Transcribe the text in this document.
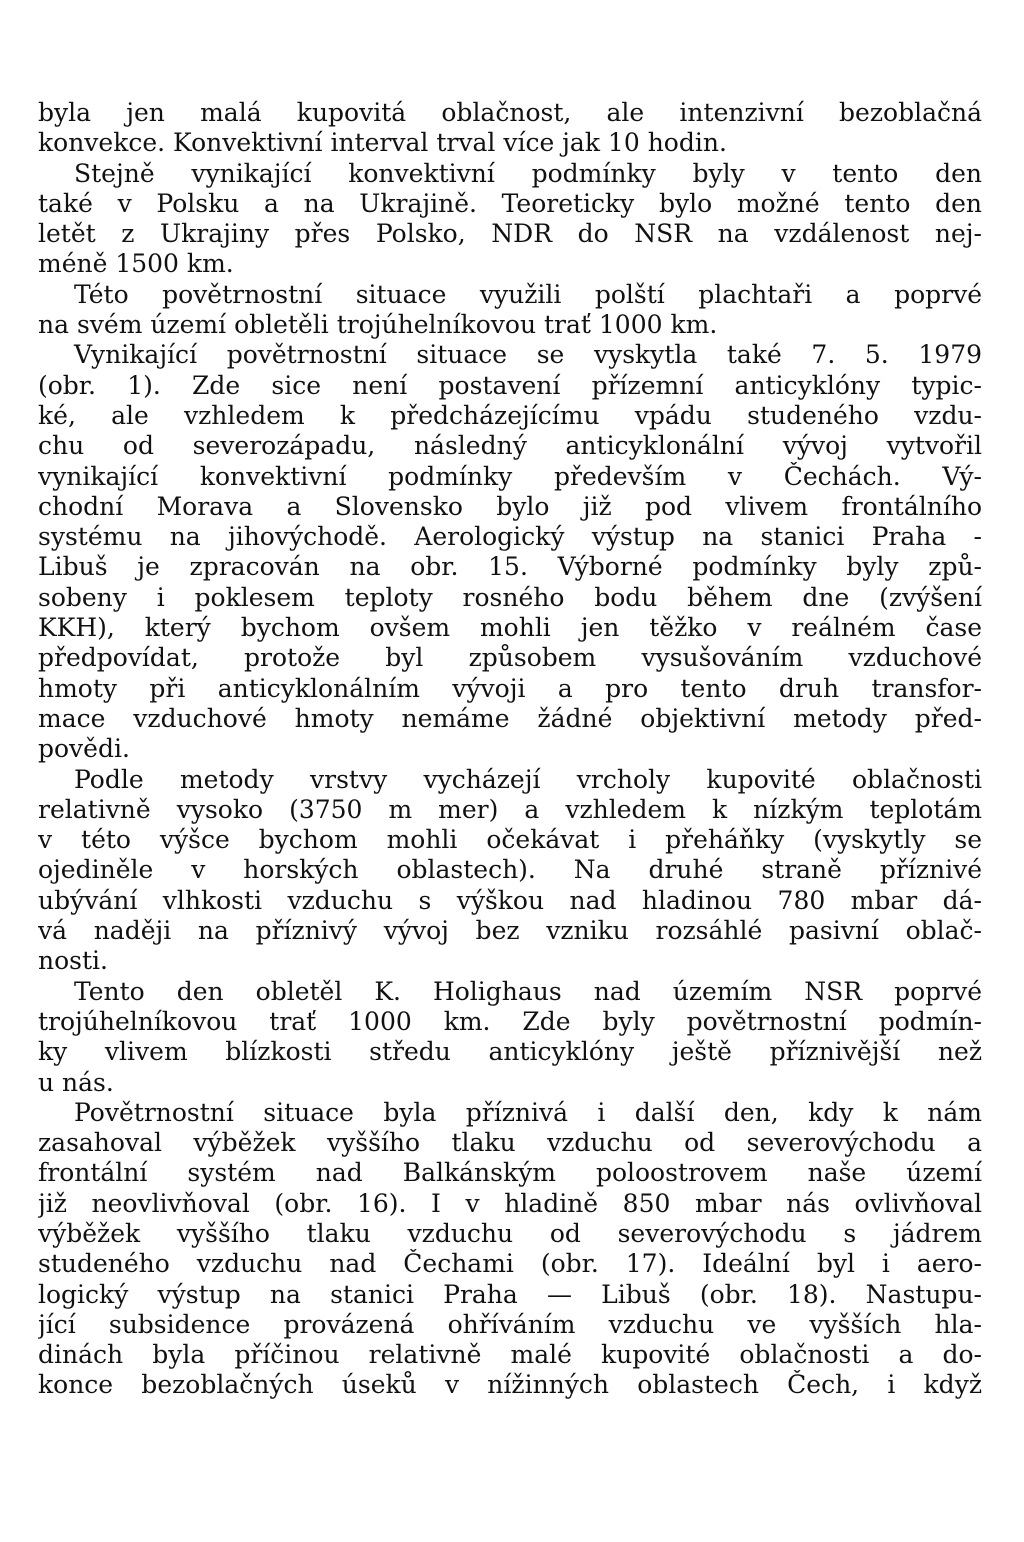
byla jen malá kupovitá oblačnost, ale intenzivní bezoblačná
konvekce. Konvektivní interval trval více jak 10 hodin.
Stejně vynikající konvektivní podmínky byly v tento den
také v Polsku a na Ukrajině. Teoreticky bylo možné tento den
letět z Ukrajiny přes Polsko, NDR do NSR na vzdálenost nej-
méně 1500 km.
Této povětrnostní situace využili polští plachtaři a poprvé
na svém území obletěli trojúhelníkovou trať 1000 km.
Vynikající povětrnostní situace se vyskytla také 7. 5. 1979
(obr. 1). Zde sice není postavení přízemní anticyklóny typic-
ké, ale vzhledem k předcházejícímu vpádu studeného vzdu-
chu od severozápadu, následný anticyklonální vývoj vytvořil
vynikající konvektivní podmínky především v Čechách. Vý-
chodní Morava a Slovensko bylo již pod vlivem frontálního
systému na jihovýchodě. Aerologický výstup na stanici Praha -
Libuš je zpracován na obr. 15. Výborné podmínky byly způ-
sobeny i poklesem teploty rosného bodu během dne (zvýšení
KKH), který bychom ovšem mohli jen těžko v reálném čase
předpovídat, protože byl způsobem vysušováním vzduchové
hmoty při anticyklonálním vývoji a pro tento druh transfor-
mace vzduchové hmoty nemáme žádné objektivní metody před-
povědi.
Podle metody vrstvy vycházejí vrcholy kupovité oblačnosti
relativně vysoko (3750 m mer) a vzhledem k nízkým teplotám
v této výšce bychom mohli očekávat i přeháňky (vyskytly se
ojediněle v horských oblastech). Na druhé straně příznivé
ubývání vlhkosti vzduchu s výškou nad hladinou 780 mbar dá-
vá naději na příznivý vývoj bez vzniku rozsáhlé pasivní oblač-
nosti.
Tento den obletěl K. Holighaus nad územím NSR poprvé
trojúhelníkovou trať 1000 km. Zde byly povětrnostní podmín-
ky vlivem blízkosti středu anticyklóny ještě příznivější než
u nás.
Povětrnostní situace byla příznivá i další den, kdy k nám
zasahoval výběžek vyššího tlaku vzduchu od severovýchodu a
frontální systém nad Balkánským poloostrovem naše území
již neovlivňoval (obr. 16). I v hladině 850 mbar nás ovlivňoval
výběžek vyššího tlaku vzduchu od severovýchodu s jádrem
studeného vzduchu nad Čechami (obr. 17). Ideální byl i aero-
logický výstup na stanici Praha — Libuš (obr. 18). Nastupu-
jící subsidence provázená ohříváním vzduchu ve vyšších hla-
dinách byla příčinou relativně malé kupovité oblačnosti a do-
konce bezoblačných úseků v nížinných oblastech Čech, i když
